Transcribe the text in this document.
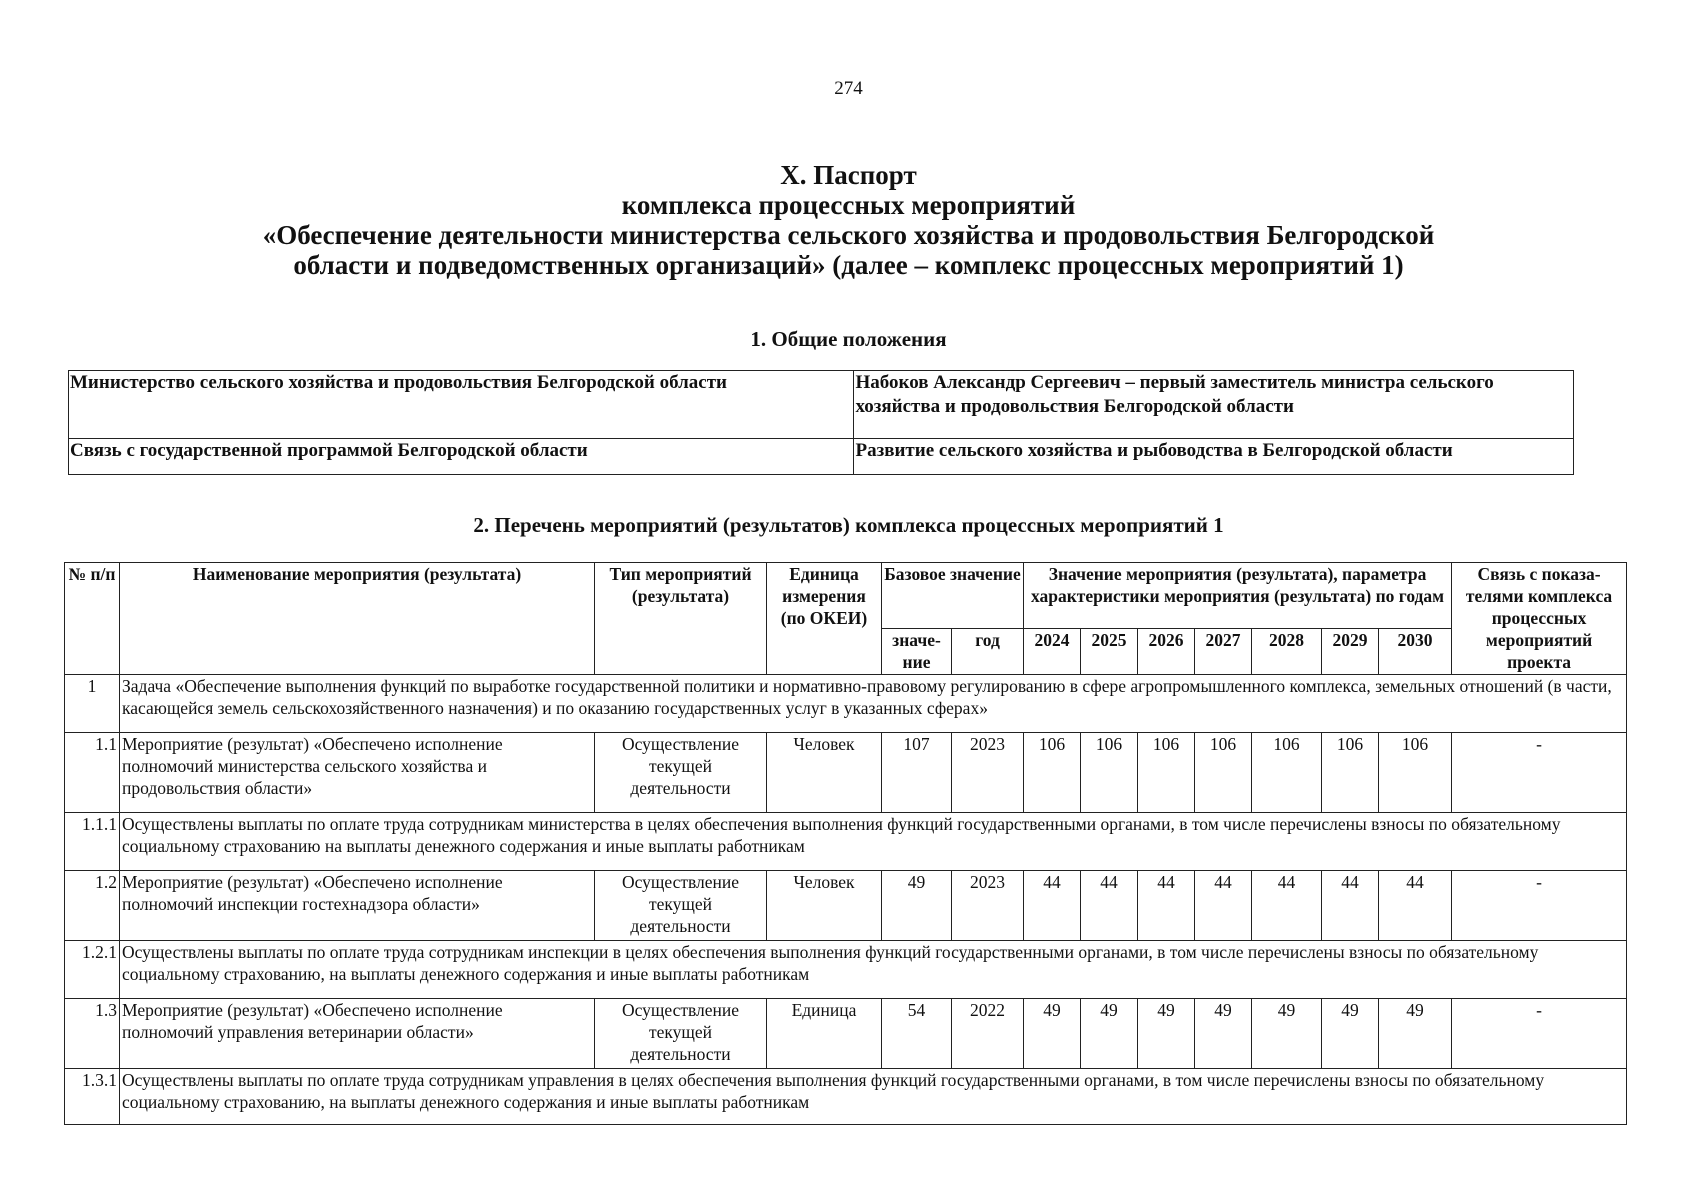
274
X. Паспорт
комплекса процессных мероприятий
«Обеспечение деятельности министерства сельского хозяйства и продовольствия Белгородской
области и подведомственных организаций» (далее – комплекс процессных мероприятий 1)
1. Общие положения
Министерство сельского хозяйства и продовольствия Белгородской области	Набоков Александр Сергеевич – первый заместитель министра сельского хозяйства и продовольствия Белгородской области
Связь с государственной программой Белгородской области	Развитие сельского хозяйства и рыбоводства в Белгородской области
2. Перечень мероприятий (результатов) комплекса процессных мероприятий 1
№ п/п	Наименование мероприятия (результата)	Тип мероприятий (результата)	Единица измерения (по ОКЕИ)	Базовое значение		Значение мероприятия (результата), параметра характеристики мероприятия (результата) по годам							Связь с показа-телями комплекса процессных мероприятий проекта
				значе-ние	год	2024	2025	2026	2027	2028	2029	2030	
1	Задача «Обеспечение выполнения функций по выработке государственной политики и нормативно-правовому регулированию в сфере агропромышленного комплекса, земельных отношений (в части, касающейся земель сельскохозяйственного назначения) и по оказанию государственных услуг в указанных сферах»												
1.1	Мероприятие (результат) «Обеспечено исполнение полномочий министерства сельского хозяйства и продовольствия области»	Осуществление текущей деятельности	Человек	107	2023	106	106	106	106	106	106	106	-
1.1.1	Осуществлены выплаты по оплате труда сотрудникам министерства в целях обеспечения выполнения функций государственными органами, в том числе перечислены взносы по обязательному социальному страхованию на выплаты денежного содержания и иные выплаты работникам												
1.2	Мероприятие (результат) «Обеспечено исполнение полномочий инспекции гостехнадзора области»	Осуществление текущей деятельности	Человек	49	2023	44	44	44	44	44	44	44	-
1.2.1	Осуществлены выплаты по оплате труда сотрудникам инспекции в целях обеспечения выполнения функций государственными органами, в том числе перечислены взносы по обязательному социальному страхованию, на выплаты денежного содержания и иные выплаты работникам												
1.3	Мероприятие (результат) «Обеспечено исполнение полномочий управления ветеринарии области»	Осуществление текущей деятельности	Единица	54	2022	49	49	49	49	49	49	49	-
1.3.1	Осуществлены выплаты по оплате труда сотрудникам управления в целях обеспечения выполнения функций государственными органами, в том числе перечислены взносы по обязательному социальному страхованию, на выплаты денежного содержания и иные выплаты работникам												
